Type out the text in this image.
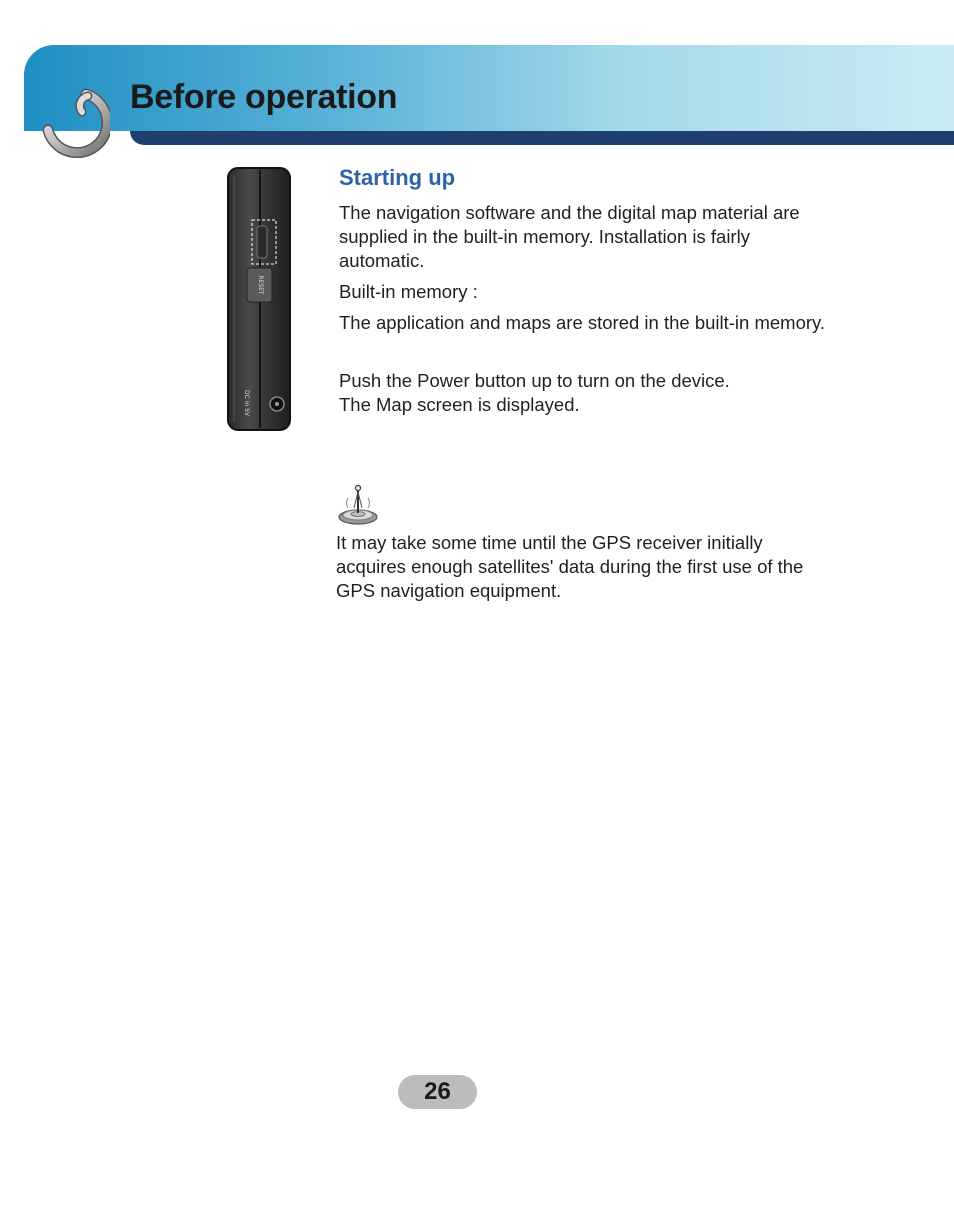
Before operation
RESET
DC in 5V
Starting up

The navigation software and the digital map material are supplied in the built-in memory. Installation is fairly automatic.

Built-in memory :

The application and maps are stored in the built-in memory.

Push the Power button up to turn on the device.
The Map screen is displayed.

It may take some time until the GPS receiver initially acquires enough satellites' data during the first use of the GPS navigation equipment.

26
